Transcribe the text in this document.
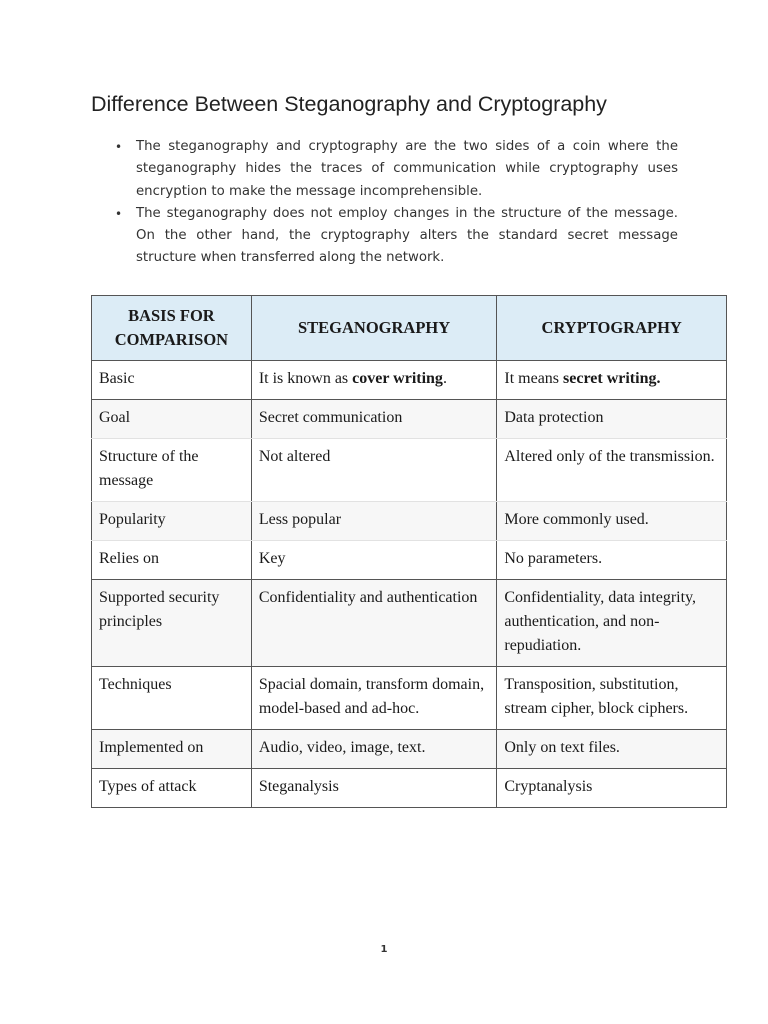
Difference Between Steganography and Cryptography
• The steganography and cryptography are the two sides of a coin where the steganography hides the traces of communication while cryptography uses encryption to make the message incomprehensible.
• The steganography does not employ changes in the structure of the message. On the other hand, the cryptography alters the standard secret message structure when transferred along the network.
BASIS FOR COMPARISON	STEGANOGRAPHY	CRYPTOGRAPHY
Basic	It is known as cover writing.	It means secret writing.
Goal	Secret communication	Data protection
Structure of the message	Not altered	Altered only of the transmission.
Popularity	Less popular	More commonly used.
Relies on	Key	No parameters.
Supported security principles	Confidentiality and authentication	Confidentiality, data integrity, authentication, and non-repudiation.
Techniques	Spacial domain, transform domain, model-based and ad-hoc.	Transposition, substitution, stream cipher, block ciphers.
Implemented on	Audio, video, image, text.	Only on text files.
Types of attack	Steganalysis	Cryptanalysis
1
